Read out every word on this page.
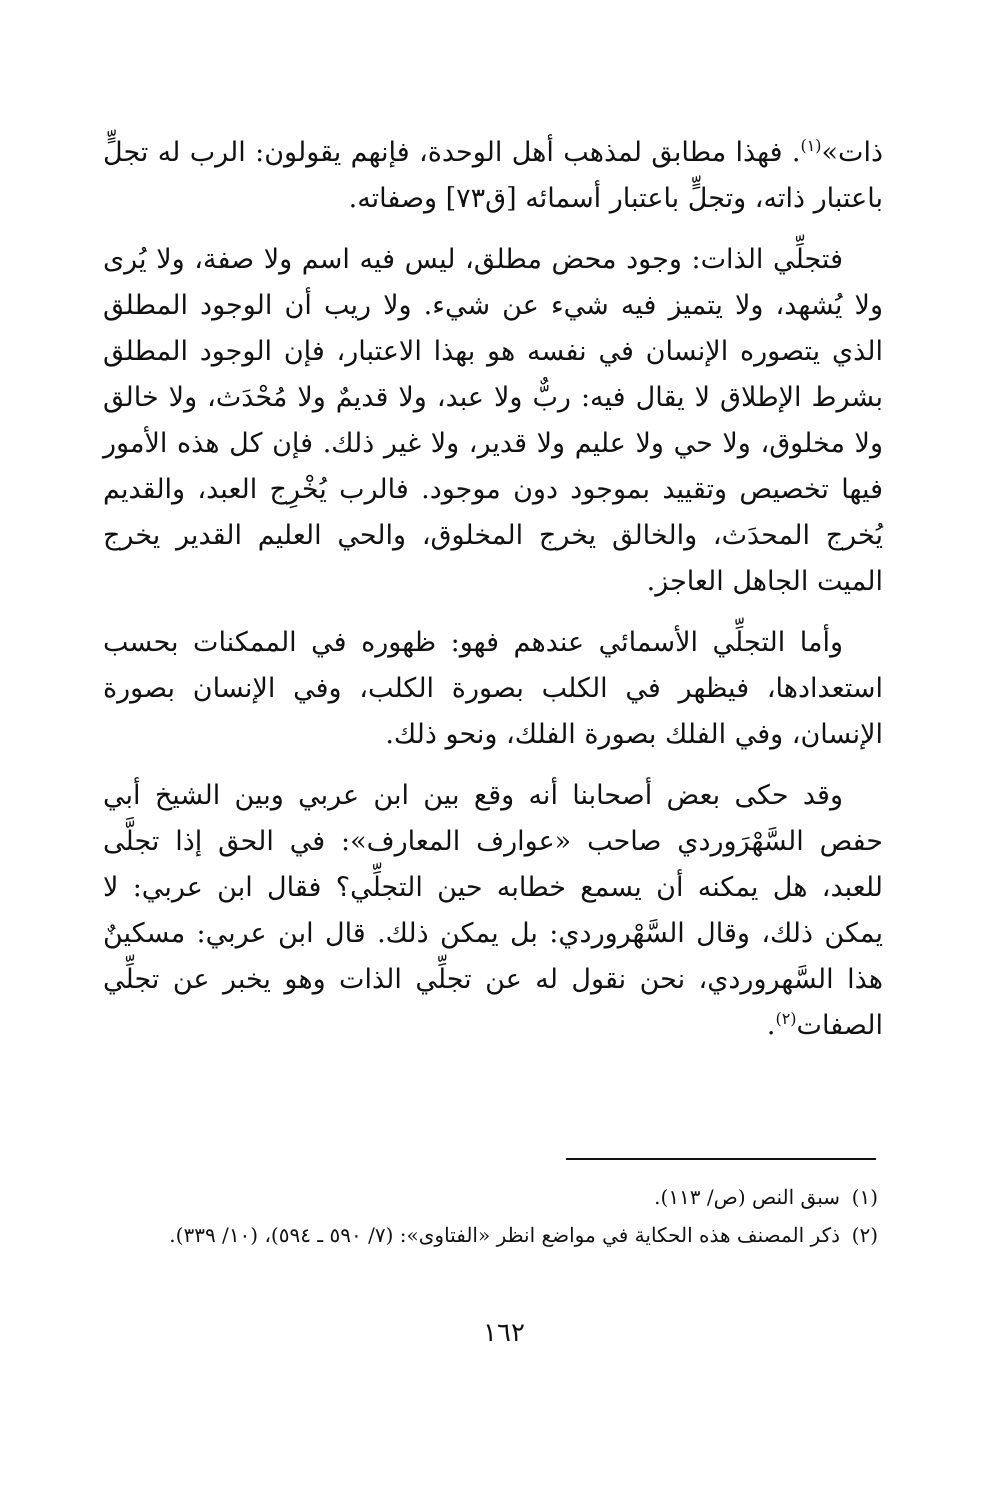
ذات»$^{(١)}$. فهذا مطابق لمذهب أهل الوحدة، فإنهم يقولون: الرب له تجلٍّ باعتبار ذاته، وتجلٍّ باعتبار أسمائه [ق٧٣] وصفاته.

فتجلِّي الذات: وجود محض مطلق، ليس فيه اسم ولا صفة، ولا يُرى ولا يُشهد، ولا يتميز فيه شيء عن شيء. ولا ريب أن الوجود المطلق الذي يتصوره الإنسان في نفسه هو بهذا الاعتبار، فإن الوجود المطلق بشرط الإطلاق لا يقال فيه: ربٌّ ولا عبد، ولا قديمٌ ولا مُحْدَث، ولا خالق ولا مخلوق، ولا حي ولا عليم ولا قدير، ولا غير ذلك. فإن كل هذه الأمور فيها تخصيص وتقييد بموجود دون موجود. فالرب يُخْرِج العبد، والقديم يُخرج المحدَث، والخالق يخرج المخلوق، والحي العليم القدير يخرج الميت الجاهل العاجز.

وأما التجلِّي الأسمائي عندهم فهو: ظهوره في الممكنات بحسب استعدادها، فيظهر في الكلب بصورة الكلب، وفي الإنسان بصورة الإنسان، وفي الفلك بصورة الفلك، ونحو ذلك.

وقد حكى بعض أصحابنا أنه وقع بين ابن عربي وبين الشيخ أبي حفص السَّهْرَوردي صاحب «عوارف المعارف»: في الحق إذا تجلَّى للعبد، هل يمكنه أن يسمع خطابه حين التجلِّي؟ فقال ابن عربي: لا يمكن ذلك، وقال السَّهْروردي: بل يمكن ذلك. قال ابن عربي: مسكينٌ هذا السَّهروردي، نحن نقول له عن تجلِّي الذات وهو يخبر عن تجلِّي الصفات$^{(٢)}$.

(١)
سبق النص (ص/ ١١٣).
(٢)
ذكر المصنف هذه الحكاية في مواضع انظر «الفتاوى»: (٧/ ٥٩٠ ـ ٥٩٤)، (١٠/ ٣٣٩).
١٦٢
